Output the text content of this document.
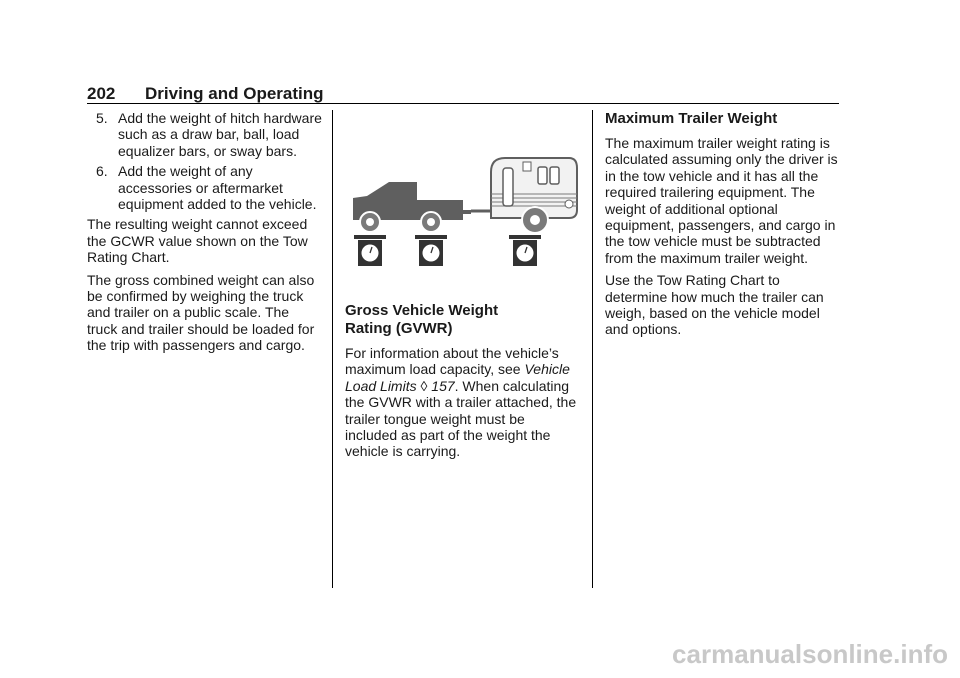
202 Driving and Operating
5. Add the weight of hitch hardware such as a draw bar, ball, load equalizer bars, or sway bars.
6. Add the weight of any accessories or aftermarket equipment added to the vehicle.

The resulting weight cannot exceed the GCWR value shown on the Tow Rating Chart.

The gross combined weight can also be confirmed by weighing the truck and trailer on a public scale. The truck and trailer should be loaded for the trip with passengers and cargo.

Gross Vehicle Weight
Rating (GVWR)

For information about the vehicle’s maximum load capacity, see Vehicle Load Limits ◊ 157. When calculating the GVWR with a trailer attached, the trailer tongue weight must be included as part of the weight the vehicle is carrying.

Maximum Trailer Weight

The maximum trailer weight rating is calculated assuming only the driver is in the tow vehicle and it has all the required trailering equipment. The weight of additional optional equipment, passengers, and cargo in the tow vehicle must be subtracted from the maximum trailer weight.

Use the Tow Rating Chart to determine how much the trailer can weigh, based on the vehicle model and options.

carmanualsonline.info
